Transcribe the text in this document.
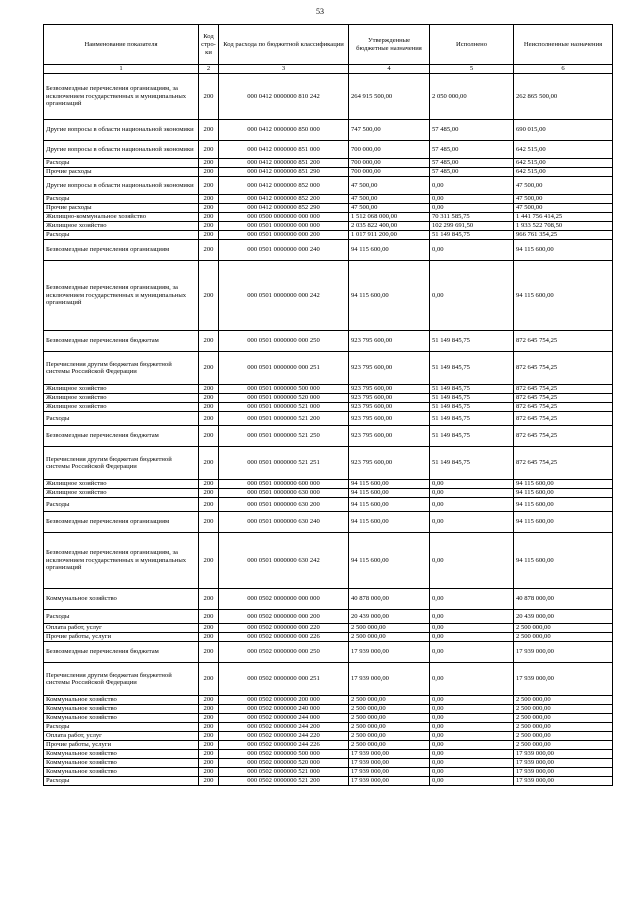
53
Наименование показателя	Код стро-ки	Код расхода по бюджетной классификации	Утвержденные бюджетные назначения	Исполнено	Неисполненные назначения
1	2	3	4	5	6
Безвозмездные перечисления организациям, за исключением государственных и муниципальных организаций	200	000 0412 0000000 810 242	264 915 500,00	2 050 000,00	262 865 500,00
Другие вопросы в области национальной экономики	200	000 0412 0000000 850 000	747 500,00	57 485,00	690 015,00
Другие вопросы в области национальной экономики	200	000 0412 0000000 851 000	700 000,00	57 485,00	642 515,00
Расходы	200	000 0412 0000000 851 200	700 000,00	57 485,00	642 515,00
Прочие расходы	200	000 0412 0000000 851 290	700 000,00	57 485,00	642 515,00
Другие вопросы в области национальной экономики	200	000 0412 0000000 852 000	47 500,00	0,00	47 500,00
Расходы	200	000 0412 0000000 852 200	47 500,00	0,00	47 500,00
Прочие расходы	200	000 0412 0000000 852 290	47 500,00	0,00	47 500,00
Жилищно-коммунальное хозяйство	200	000 0500 0000000 000 000	1 512 068 000,00	70 311 585,75	1 441 756 414,25
Жилищное хозяйство	200	000 0501 0000000 000 000	2 035 822 400,00	102 299 691,50	1 933 522 708,50
Расходы	200	000 0501 0000000 000 200	1 017 911 200,00	51 149 845,75	966 761 354,25
Безвозмездные перечисления организациям	200	000 0501 0000000 000 240	94 115 600,00	0,00	94 115 600,00
Безвозмездные перечисления организациям, за исключением государственных и муниципальных организаций	200	000 0501 0000000 000 242	94 115 600,00	0,00	94 115 600,00
Безвозмездные перечисления бюджетам	200	000 0501 0000000 000 250	923 795 600,00	51 149 845,75	872 645 754,25
Перечисления другим бюджетам бюджетной системы Российской Федерации	200	000 0501 0000000 000 251	923 795 600,00	51 149 845,75	872 645 754,25
Жилищное хозяйство	200	000 0501 0000000 500 000	923 795 600,00	51 149 845,75	872 645 754,25
Жилищное хозяйство	200	000 0501 0000000 520 000	923 795 600,00	51 149 845,75	872 645 754,25
Жилищное хозяйство	200	000 0501 0000000 521 000	923 795 600,00	51 149 845,75	872 645 754,25
Расходы	200	000 0501 0000000 521 200	923 795 600,00	51 149 845,75	872 645 754,25
Безвозмездные перечисления бюджетам	200	000 0501 0000000 521 250	923 795 600,00	51 149 845,75	872 645 754,25
Перечисления другим бюджетам бюджетной системы Российской Федерации	200	000 0501 0000000 521 251	923 795 600,00	51 149 845,75	872 645 754,25
Жилищное хозяйство	200	000 0501 0000000 600 000	94 115 600,00	0,00	94 115 600,00
Жилищное хозяйство	200	000 0501 0000000 630 000	94 115 600,00	0,00	94 115 600,00
Расходы	200	000 0501 0000000 630 200	94 115 600,00	0,00	94 115 600,00
Безвозмездные перечисления организациям	200	000 0501 0000000 630 240	94 115 600,00	0,00	94 115 600,00
Безвозмездные перечисления организациям, за исключением государственных и муниципальных организаций	200	000 0501 0000000 630 242	94 115 600,00	0,00	94 115 600,00
Коммунальное хозяйство	200	000 0502 0000000 000 000	40 878 000,00	0,00	40 878 000,00
Расходы	200	000 0502 0000000 000 200	20 439 000,00	0,00	20 439 000,00
Оплата работ, услуг	200	000 0502 0000000 000 220	2 500 000,00	0,00	2 500 000,00
Прочие работы, услуги	200	000 0502 0000000 000 226	2 500 000,00	0,00	2 500 000,00
Безвозмездные перечисления бюджетам	200	000 0502 0000000 000 250	17 939 000,00	0,00	17 939 000,00
Перечисления другим бюджетам бюджетной системы Российской Федерации	200	000 0502 0000000 000 251	17 939 000,00	0,00	17 939 000,00
Коммунальное хозяйство	200	000 0502 0000000 200 000	2 500 000,00	0,00	2 500 000,00
Коммунальное хозяйство	200	000 0502 0000000 240 000	2 500 000,00	0,00	2 500 000,00
Коммунальное хозяйство	200	000 0502 0000000 244 000	2 500 000,00	0,00	2 500 000,00
Расходы	200	000 0502 0000000 244 200	2 500 000,00	0,00	2 500 000,00
Оплата работ, услуг	200	000 0502 0000000 244 220	2 500 000,00	0,00	2 500 000,00
Прочие работы, услуги	200	000 0502 0000000 244 226	2 500 000,00	0,00	2 500 000,00
Коммунальное хозяйство	200	000 0502 0000000 500 000	17 939 000,00	0,00	17 939 000,00
Коммунальное хозяйство	200	000 0502 0000000 520 000	17 939 000,00	0,00	17 939 000,00
Коммунальное хозяйство	200	000 0502 0000000 521 000	17 939 000,00	0,00	17 939 000,00
Расходы	200	000 0502 0000000 521 200	17 939 000,00	0,00	17 939 000,00
